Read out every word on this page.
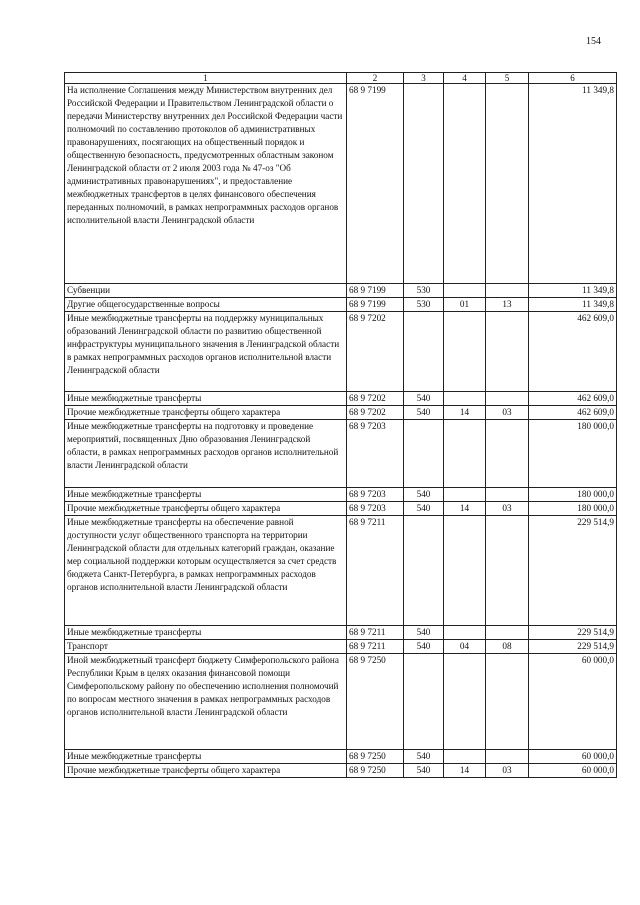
154
1	2	3	4	5	6
На исполнение Соглашения между Министерством внутренних дел Российской Федерации и Правительством Ленинградской области о передачи Министерству внутренних дел Российской Федерации части полномочий по составлению протоколов об административных правонарушениях, посягающих на общественный порядок и общественную безопасность, предусмотренных областным законом Ленинградской области от 2 июля 2003 года № 47-оз "Об административных правонарушениях", и предоставление межбюджетных трансфертов в целях финансового обеспечения переданных полномочий, в рамках непрограммных расходов органов исполнительной власти Ленинградской области	68 9 7199				11 349,8
Субвенции	68 9 7199	530			11 349,8
Другие общегосударственные вопросы	68 9 7199	530	01	13	11 349,8
Иные межбюджетные трансферты на поддержку муниципальных образований Ленинградской области по развитию общественной инфраструктуры муниципального значения в Ленинградской области в рамках непрограммных расходов органов исполнительной власти Ленинградской области	68 9 7202				462 609,0
Иные межбюджетные трансферты	68 9 7202	540			462 609,0
Прочие межбюджетные трансферты общего характера	68 9 7202	540	14	03	462 609,0
Иные межбюджетные трансферты на подготовку и проведение мероприятий, посвященных Дню образования Ленинградской области, в рамках непрограммных расходов органов исполнительной власти Ленинградской области	68 9 7203				180 000,0
Иные межбюджетные трансферты	68 9 7203	540			180 000,0
Прочие межбюджетные трансферты общего характера	68 9 7203	540	14	03	180 000,0
Иные межбюджетные трансферты на обеспечение равной доступности услуг общественного транспорта на территории Ленинградской области для отдельных категорий граждан, оказание мер социальной поддержки которым осуществляется за счет средств бюджета Санкт-Петербурга, в рамках непрограммных расходов органов исполнительной власти Ленинградской области	68 9 7211				229 514,9
Иные межбюджетные трансферты	68 9 7211	540			229 514,9
Транспорт	68 9 7211	540	04	08	229 514,9
Иной межбюджетный трансферт бюджету Симферопольского района Республики Крым в целях оказания финансовой помощи Симферопольскому району по обеспечению исполнения полномочий по вопросам местного значения в рамках непрограммных расходов органов исполнительной власти Ленинградской области	68 9 7250				60 000,0
Иные межбюджетные трансферты	68 9 7250	540			60 000,0
Прочие межбюджетные трансферты общего характера	68 9 7250	540	14	03	60 000,0
